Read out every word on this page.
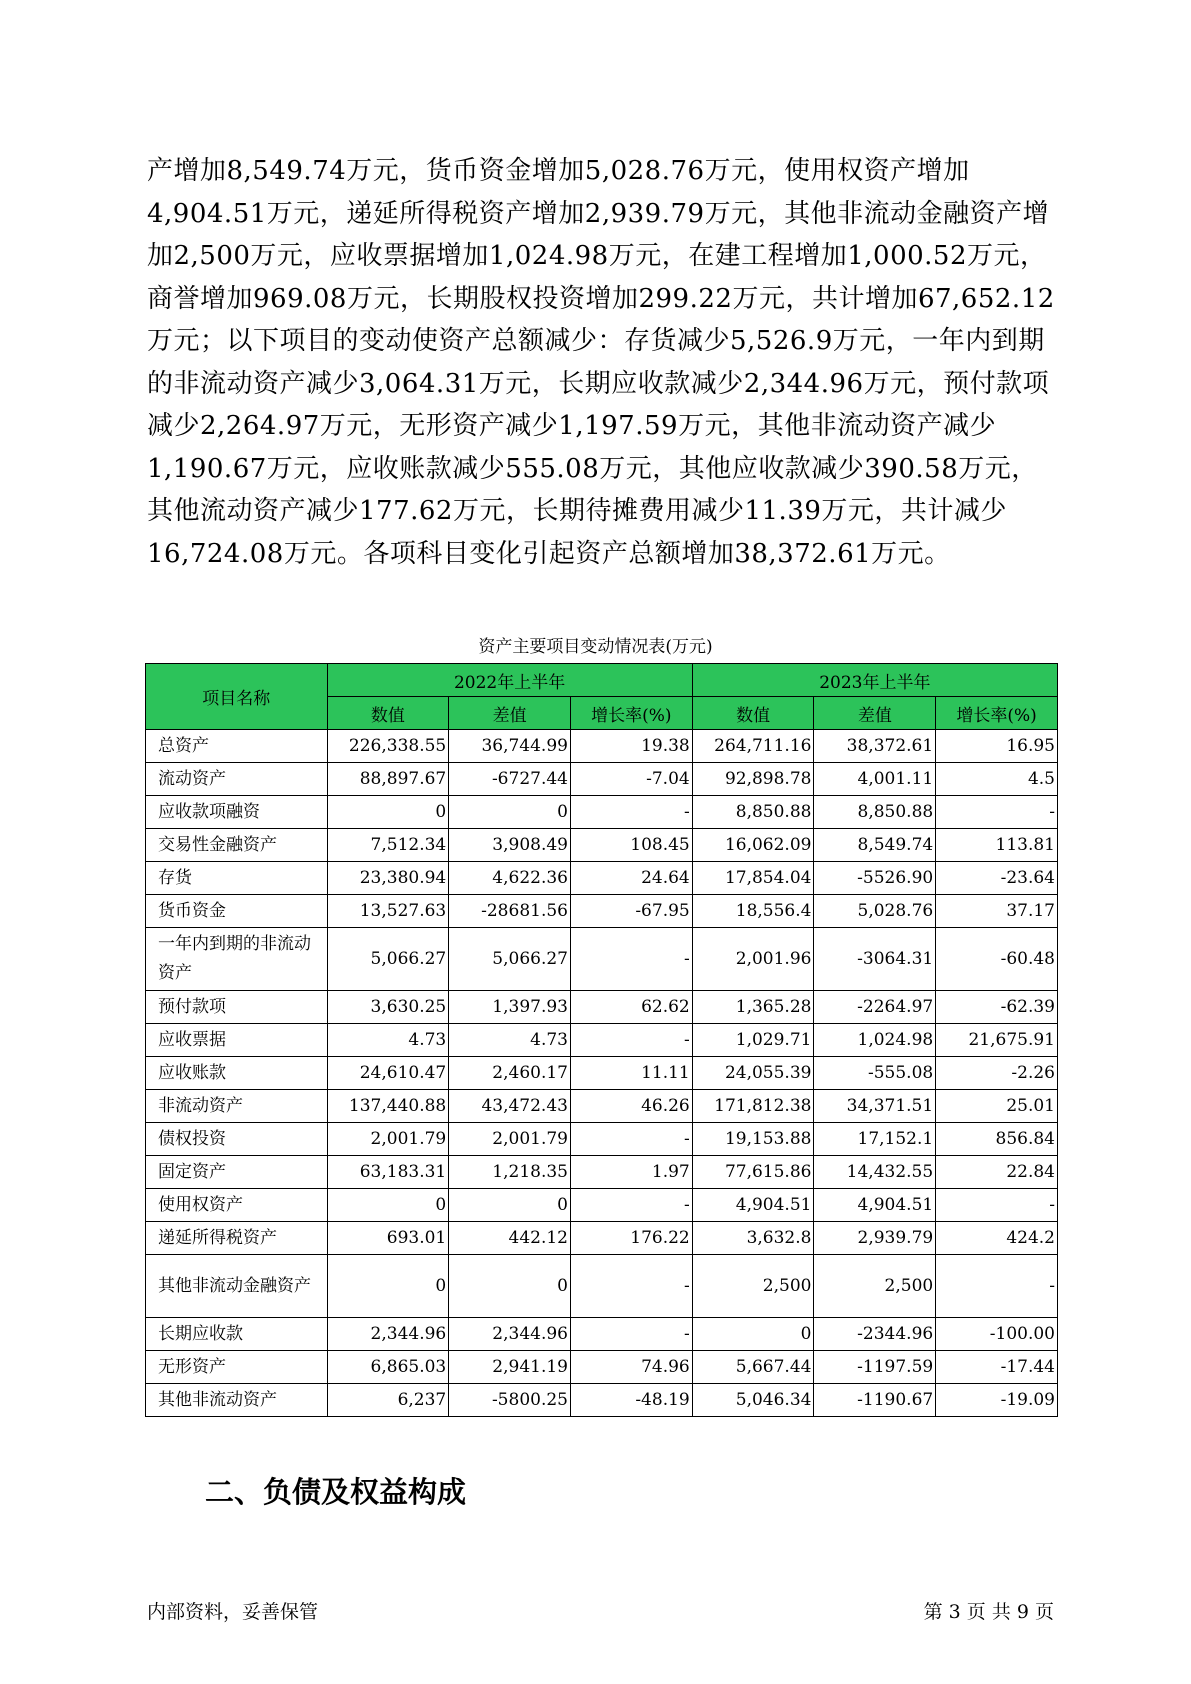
产增加8,549.74万元，货币资金增加5,028.76万元，使用权资产增加4,904.51万元，递延所得税资产增加2,939.79万元，其他非流动金融资产增加2,500万元，应收票据增加1,024.98万元，在建工程增加1,000.52万元，商誉增加969.08万元，长期股权投资增加299.22万元，共计增加67,652.12万元；以下项目的变动使资产总额减少：存货减少5,526.9万元，一年内到期的非流动资产减少3,064.31万元，长期应收款减少2,344.96万元，预付款项减少2,264.97万元，无形资产减少1,197.59万元，其他非流动资产减少1,190.67万元，应收账款减少555.08万元，其他应收款减少390.58万元，其他流动资产减少177.62万元，长期待摊费用减少11.39万元，共计减少16,724.08万元。各项科目变化引起资产总额增加38,372.61万元。

资产主要项目变动情况表(万元)
项目名称	2022年上半年			2023年上半年		
	数值	差值	增长率(%)	数值	差值	增长率(%)
总资产	226,338.55	36,744.99	19.38	264,711.16	38,372.61	16.95
流动资产	88,897.67	-6727.44	-7.04	92,898.78	4,001.11	4.5
应收款项融资	0	0	-	8,850.88	8,850.88	-
交易性金融资产	7,512.34	3,908.49	108.45	16,062.09	8,549.74	113.81
存货	23,380.94	4,622.36	24.64	17,854.04	-5526.90	-23.64
货币资金	13,527.63	-28681.56	-67.95	18,556.4	5,028.76	37.17
一年内到期的非流动资产	5,066.27	5,066.27	-	2,001.96	-3064.31	-60.48
预付款项	3,630.25	1,397.93	62.62	1,365.28	-2264.97	-62.39
应收票据	4.73	4.73	-	1,029.71	1,024.98	21,675.91
应收账款	24,610.47	2,460.17	11.11	24,055.39	-555.08	-2.26
非流动资产	137,440.88	43,472.43	46.26	171,812.38	34,371.51	25.01
债权投资	2,001.79	2,001.79	-	19,153.88	17,152.1	856.84
固定资产	63,183.31	1,218.35	1.97	77,615.86	14,432.55	22.84
使用权资产	0	0	-	4,904.51	4,904.51	-
递延所得税资产	693.01	442.12	176.22	3,632.8	2,939.79	424.2
其他非流动金融资产	0	0	-	2,500	2,500	-
长期应收款	2,344.96	2,344.96	-	0	-2344.96	-100.00
无形资产	6,865.03	2,941.19	74.96	5,667.44	-1197.59	-17.44
其他非流动资产	6,237	-5800.25	-48.19	5,046.34	-1190.67	-19.09
二、负债及权益构成
内部资料，妥善保管	第 3 页 共 9 页
